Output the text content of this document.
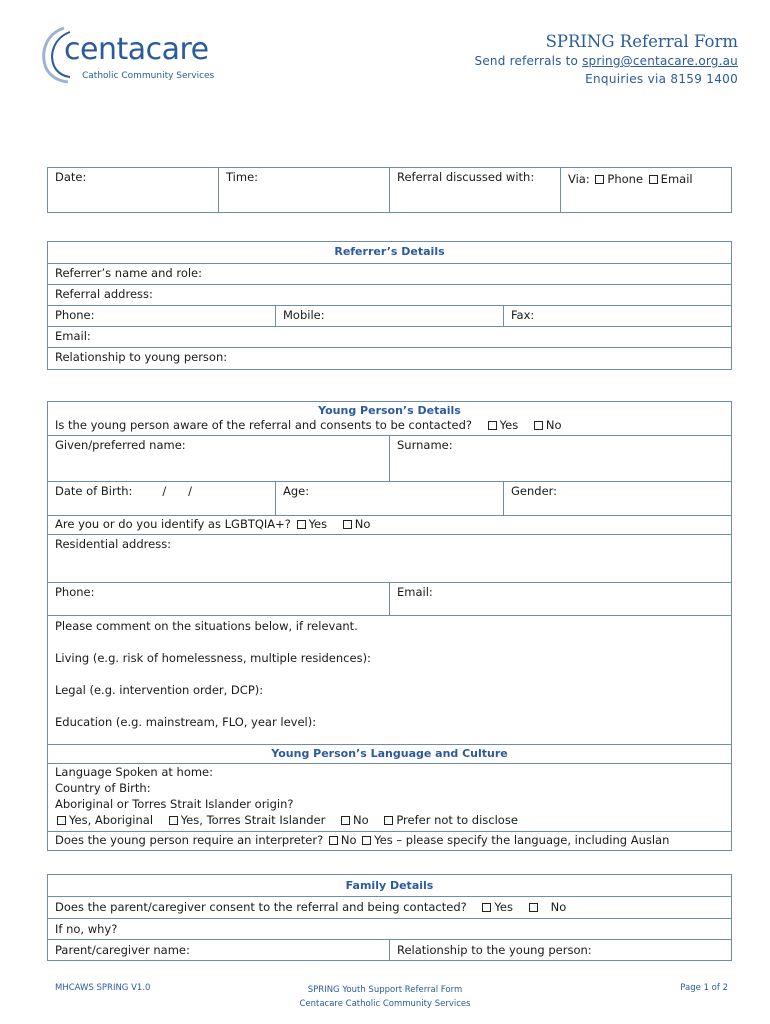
centacare
Catholic Community Services
SPRING Referral Form
Send referrals to spring@centacare.org.au
Enquiries via 8159 1400
Date:	Time:	Referral discussed with:	Via: Phone Email
Referrer’s Details
Referrer’s name and role:
Referral address:
Phone:	Mobile:	Fax:
Email:
Relationship to young person:
Young Person’s Details
Is the young person aware of the referral and consents to be contacted? Yes No			

Given/preferred name:		Surname:	
Date of Birth: /      /	Age:		Gender:
Are you or do you identify as LGBTQIA+? Yes No			
Residential address:			
Phone:		Email:	

Please comment on the situations below, if relevant.
Living (e.g. risk of homelessness, multiple residences):
Legal (e.g. intervention order, DCP):
Education (e.g. mainstream, FLO, year level):			

Young Person’s Language and Culture			

Language Spoken at home:
Country of Birth:
Aboriginal or Torres Strait Islander origin?
Yes, Aboriginal Yes, Torres Strait Islander No Prefer not to disclose			

Does the young person require an interpreter? No Yes – please specify the language, including Auslan			
Family Details
Does the parent/caregiver consent to the referral and being contacted? Yes	No
If no, why?
Parent/caregiver name:	Relationship to the young person:
MHCAWS SPRING V1.0	SPRING Youth Support Referral Form
Centacare Catholic Community Services
Page 1 of 2
